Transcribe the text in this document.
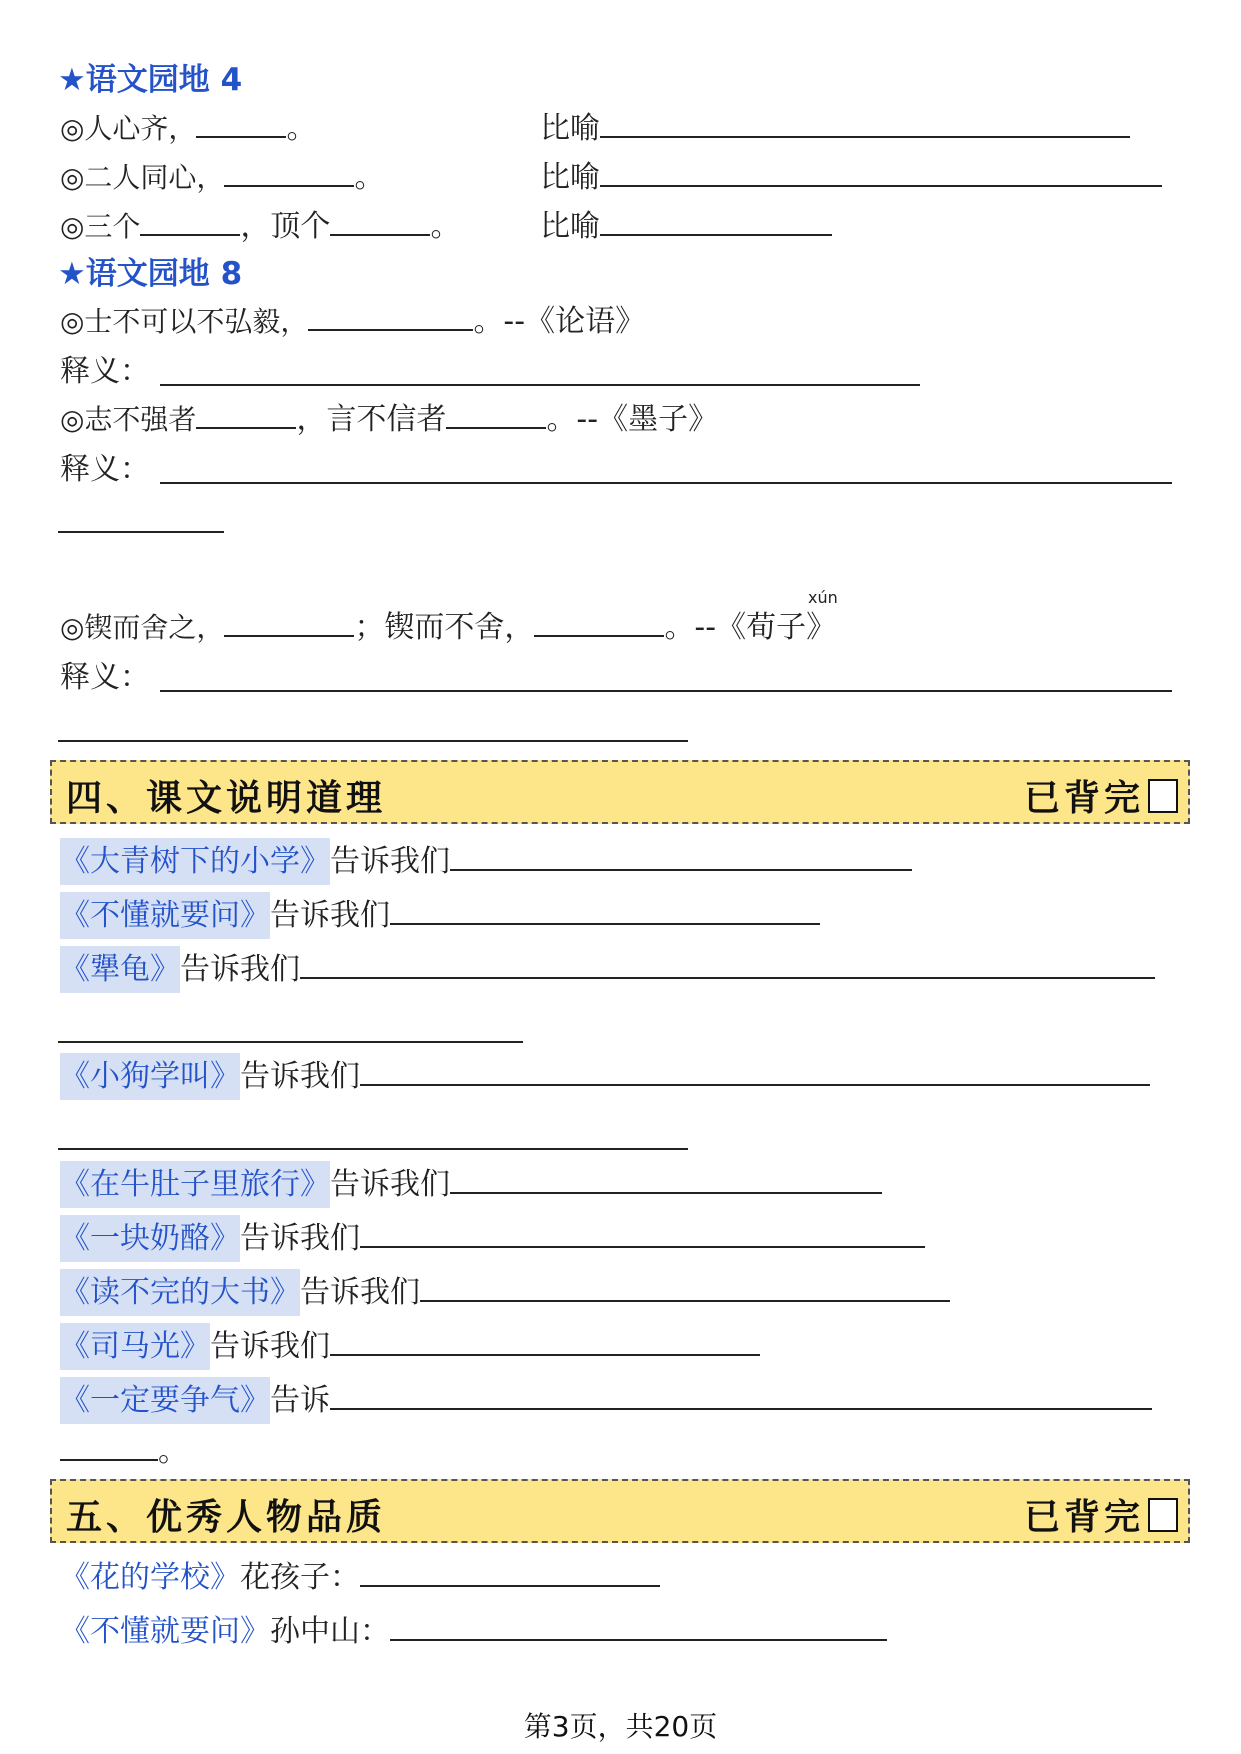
★语文园地 4
◎人心齐，	。	比喻
◎二人同心，	。	比喻
◎三个	，顶个	。	比喻
★语文园地 8
◎士不可以不弘毅，	。--《论语》
释义：
◎志不强者	，言不信者	。--《墨子》
释义：
xún
◎锲而舍之，	；锲而不舍，	。--《荀子》
释义：
四、课文说明道理	已背完
《大青树下的小学》告诉我们
《不懂就要问》告诉我们
《犟龟》告诉我们
《小狗学叫》告诉我们
《在牛肚子里旅行》告诉我们
《一块奶酪》告诉我们
《读不完的大书》告诉我们
《司马光》告诉我们
《一定要争气》告诉
。
五、优秀人物品质	已背完
《花的学校》花孩子：
《不懂就要问》孙中山：
第3页，共20页
